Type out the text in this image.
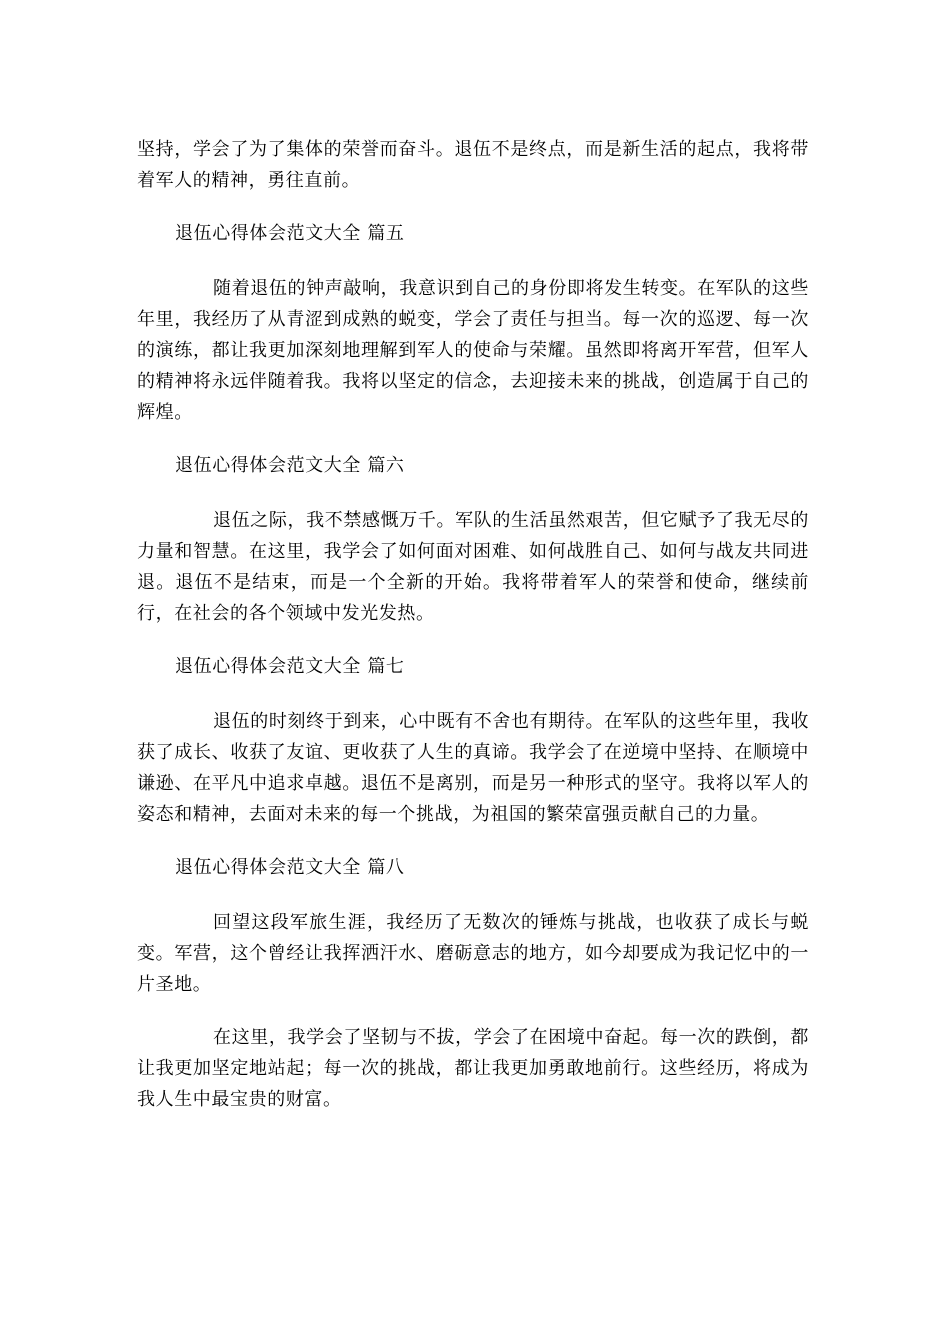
坚持，学会了为了集体的荣誉而奋斗。退伍不是终点，而是新生活的起点，我将带着军人的精神，勇往直前。

退伍心得体会范文大全 篇五

随着退伍的钟声敲响，我意识到自己的身份即将发生转变。在军队的这些年里，我经历了从青涩到成熟的蜕变，学会了责任与担当。每一次的巡逻、每一次的演练，都让我更加深刻地理解到军人的使命与荣耀。虽然即将离开军营，但军人的精神将永远伴随着我。我将以坚定的信念，去迎接未来的挑战，创造属于自己的辉煌。

退伍心得体会范文大全 篇六

退伍之际，我不禁感慨万千。军队的生活虽然艰苦，但它赋予了我无尽的力量和智慧。在这里，我学会了如何面对困难、如何战胜自己、如何与战友共同进退。退伍不是结束，而是一个全新的开始。我将带着军人的荣誉和使命，继续前行，在社会的各个领域中发光发热。

退伍心得体会范文大全 篇七

退伍的时刻终于到来，心中既有不舍也有期待。在军队的这些年里，我收获了成长、收获了友谊、更收获了人生的真谛。我学会了在逆境中坚持、在顺境中谦逊、在平凡中追求卓越。退伍不是离别，而是另一种形式的坚守。我将以军人的姿态和精神，去面对未来的每一个挑战，为祖国的繁荣富强贡献自己的力量。

退伍心得体会范文大全 篇八

回望这段军旅生涯，我经历了无数次的锤炼与挑战，也收获了成长与蜕变。军营，这个曾经让我挥洒汗水、磨砺意志的地方，如今却要成为我记忆中的一片圣地。

在这里，我学会了坚韧与不拔，学会了在困境中奋起。每一次的跌倒，都让我更加坚定地站起；每一次的挑战，都让我更加勇敢地前行。这些经历，将成为我人生中最宝贵的财富。
